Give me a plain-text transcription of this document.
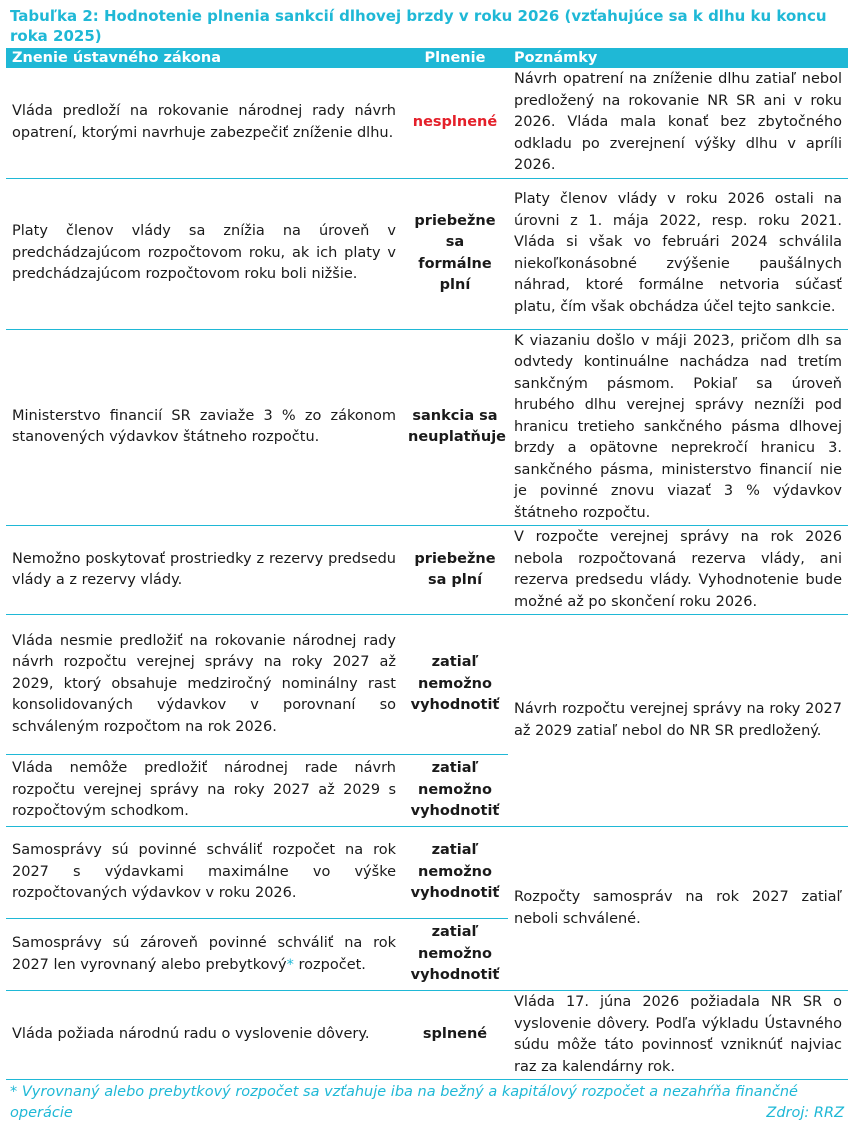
Tabuľka 2: Hodnotenie plnenia sankcií dlhovej brzdy v roku 2026 (vzťahujúce sa k dlhu ku koncu roka 2025)
Znenie ústavného zákona	Plnenie	Poznámky
Vláda predloží na rokovanie národnej rady návrh opatrení, ktorými navrhuje zabezpečiť zníženie dlhu.	nesplnené	Návrh opatrení na zníženie dlhu zatiaľ nebol predložený na rokovanie NR SR ani v roku 2026. Vláda mala konať bez zbytočného odkladu po zverejnení výšky dlhu v apríli 2026.
Platy členov vlády sa znížia na úroveň v predchádzajúcom rozpočtovom roku, ak ich platy v predchádzajúcom rozpočtovom roku boli nižšie.	priebežne sa formálne plní	Platy členov vlády v roku 2026 ostali na úrovni z 1. mája 2022, resp. roku 2021. Vláda si však vo februári 2024 schválila niekoľkonásobné zvýšenie paušálnych náhrad, ktoré formálne netvoria súčasť platu, čím však obchádza účel tejto sankcie.
Ministerstvo financií SR zaviaže 3 % zo zákonom stanovených výdavkov štátneho rozpočtu.	sankcia sa neuplatňuje	K viazaniu došlo v máji 2023, pričom dlh sa odvtedy kontinuálne nachádza nad tretím sankčným pásmom. Pokiaľ sa úroveň hrubého dlhu verejnej správy nezníži pod hranicu tretieho sankčného pásma dlhovej brzdy a opätovne neprekročí hranicu 3. sankčného pásma, ministerstvo financií nie je povinné znovu viazať 3 % výdavkov štátneho rozpočtu.
Nemožno poskytovať prostriedky z rezervy predsedu vlády a z rezervy vlády.	priebežne sa plní	V rozpočte verejnej správy na rok 2026 nebola rozpočtovaná rezerva vlády, ani rezerva predsedu vlády. Vyhodnotenie bude možné až po skončení roku 2026.
Vláda nesmie predložiť na rokovanie národnej rady návrh rozpočtu verejnej správy na roky 2027 až 2029, ktorý obsahuje medziročný nominálny rast konsolidovaných výdavkov v porovnaní so schváleným rozpočtom na rok 2026.	zatiaľ nemožno vyhodnotiť	Návrh rozpočtu verejnej správy na roky 2027 až 2029 zatiaľ nebol do NR SR predložený.
Vláda nemôže predložiť národnej rade návrh rozpočtu verejnej správy na roky 2027 až 2029 s rozpočtovým schodkom.	zatiaľ nemožno vyhodnotiť	
Samosprávy sú povinné schváliť rozpočet na rok 2027 s výdavkami maximálne vo výške rozpočtovaných výdavkov v roku 2026.	zatiaľ nemožno vyhodnotiť	Rozpočty samospráv na rok 2027 zatiaľ neboli schválené.
Samosprávy sú zároveň povinné schváliť na rok 2027 len vyrovnaný alebo prebytkový* rozpočet.	zatiaľ nemožno vyhodnotiť	
Vláda požiada národnú radu o vyslovenie dôvery.	splnené	Vláda 17. júna 2026 požiadala NR SR o vyslovenie dôvery. Podľa výkladu Ústavného súdu môže táto povinnosť vzniknúť najviac raz za kalendárny rok.
* Vyrovnaný alebo prebytkový rozpočet sa vzťahuje iba na bežný a kapitálový rozpočet a nezahŕňa finančné operácie	Zdroj: RRZ
